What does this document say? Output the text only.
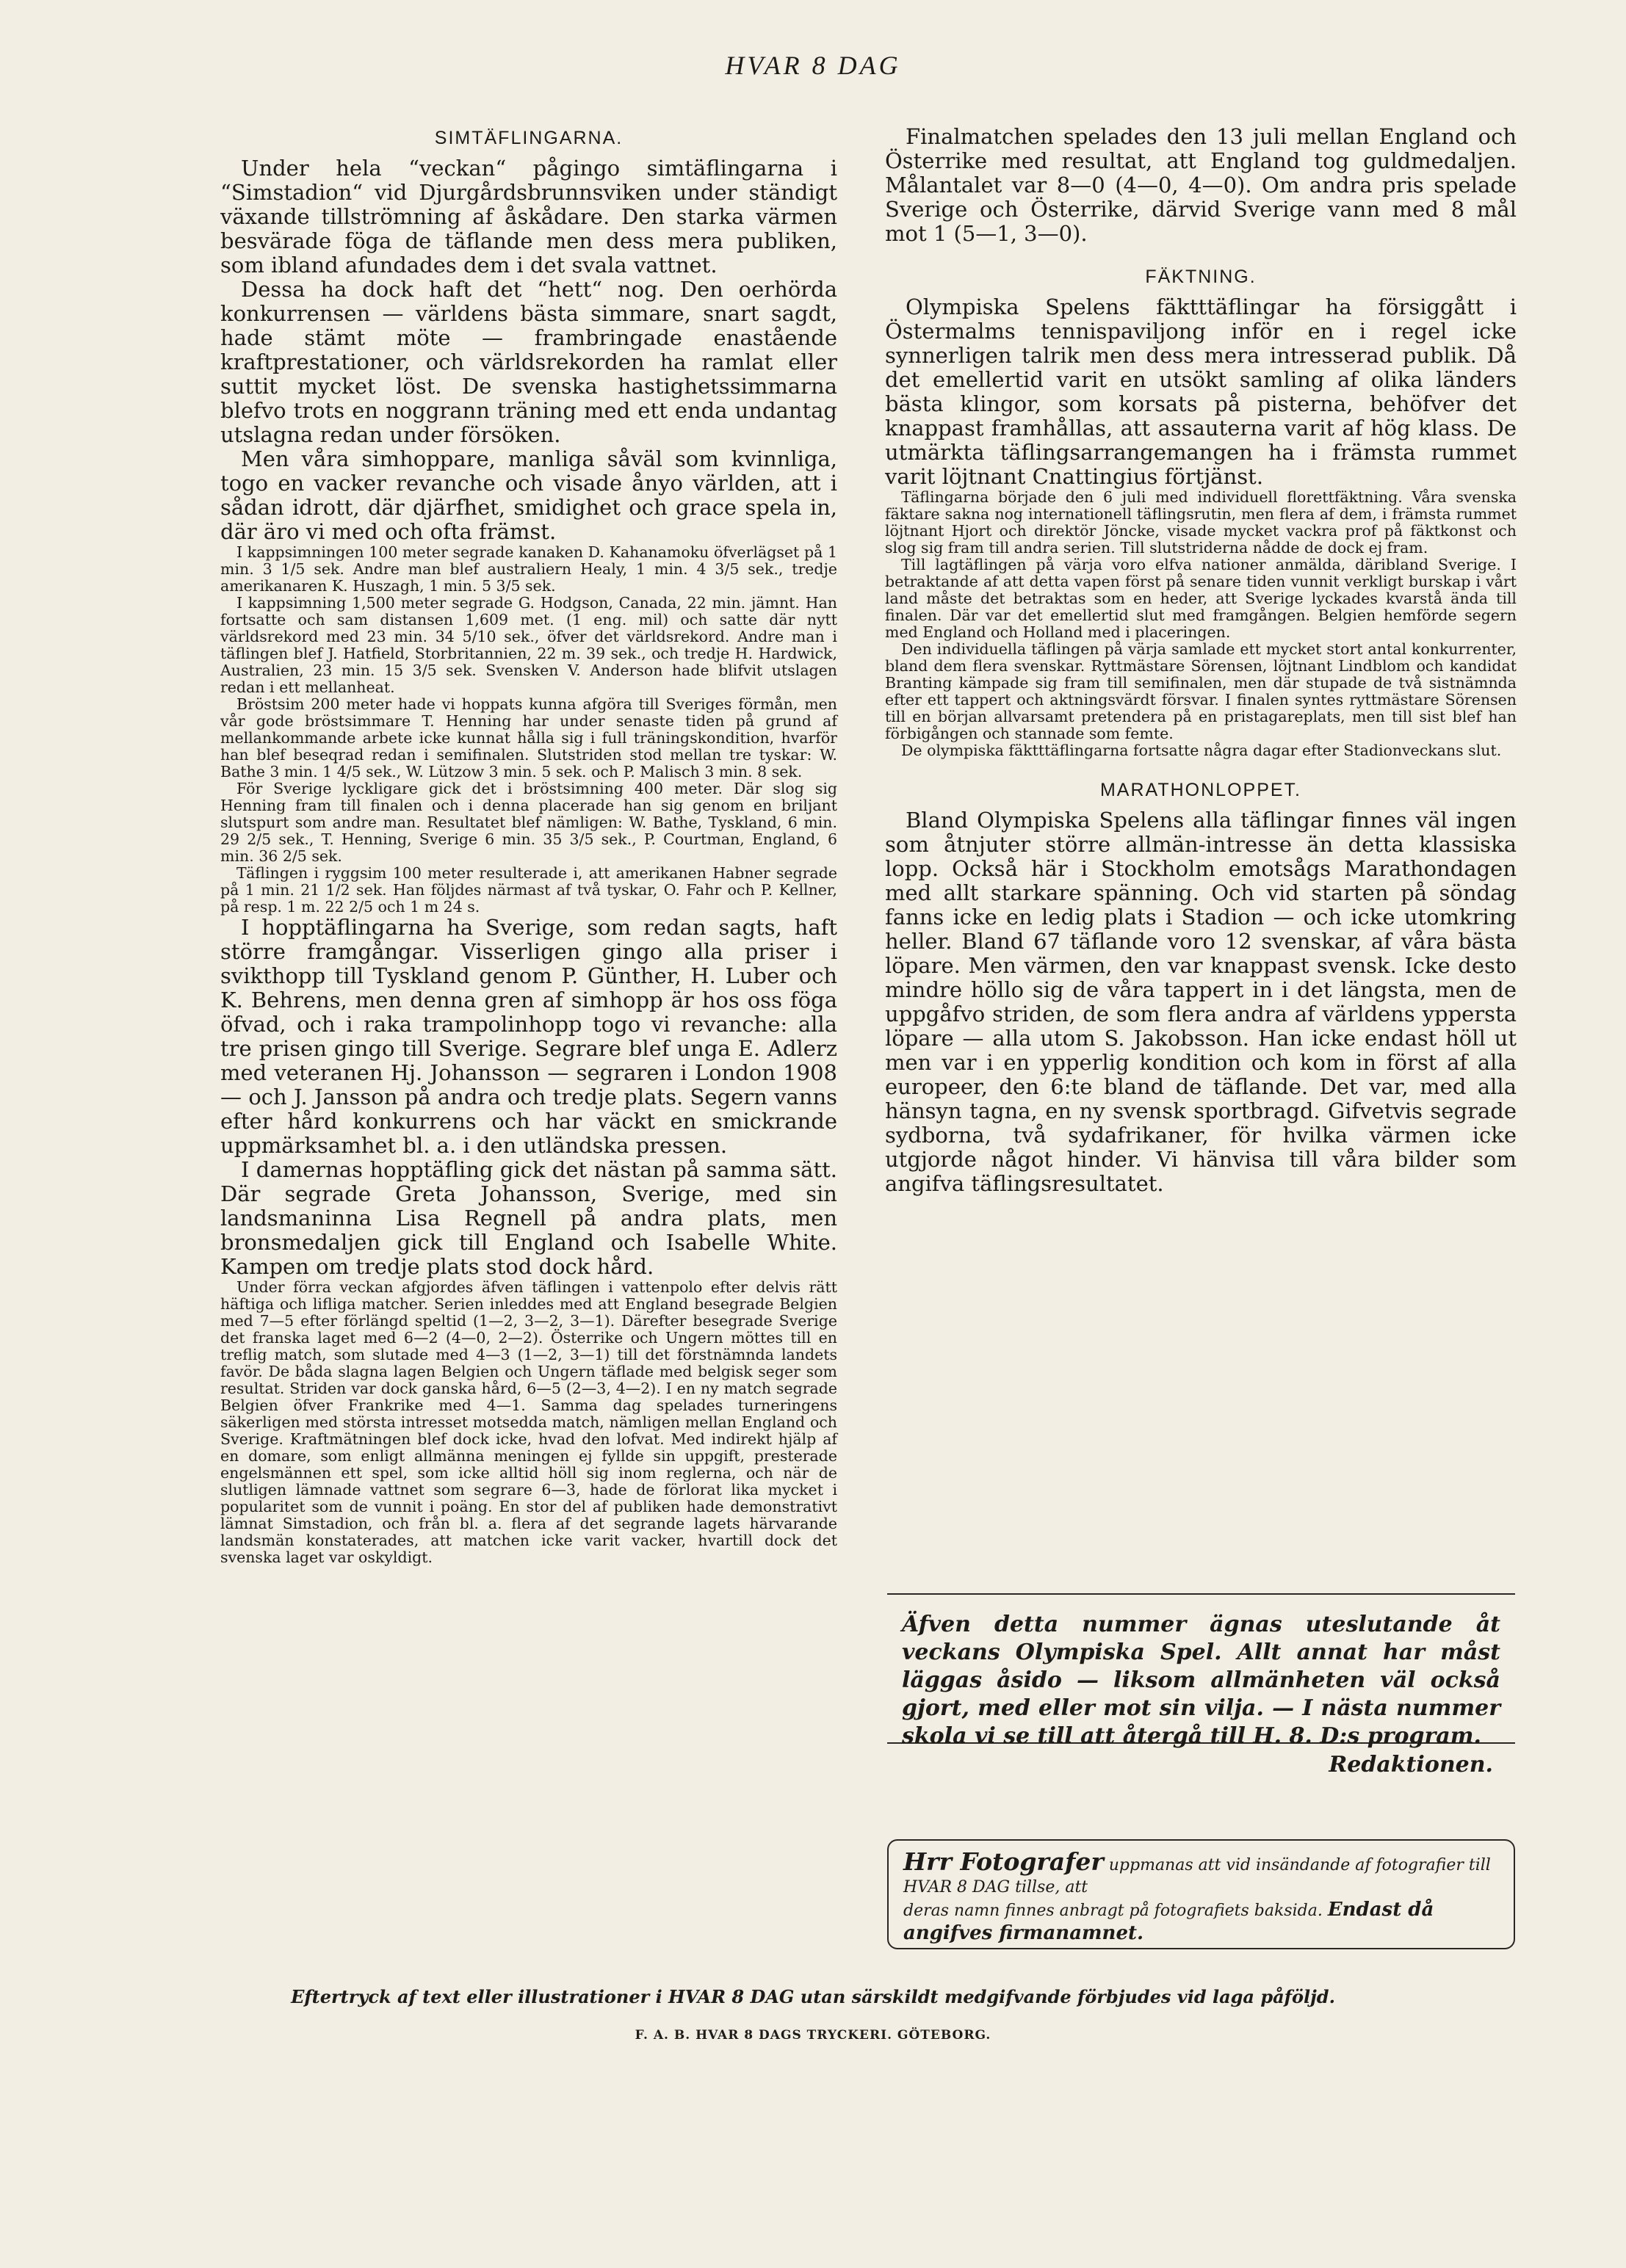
HVAR 8 DAG

SIMTÄFLINGARNA.

Under hela “veckan“ pågingo simtäflingarna i “Simstadion“ vid Djurgårdsbrunnsviken under ständigt växande tillströmning af åskådare. Den starka värmen besvärade föga de täflande men dess mera publiken, som ibland afundades dem i det svala vattnet.

Dessa ha dock haft det “hett“ nog. Den oerhörda konkurrensen — världens bästa simmare, snart sagdt, hade stämt möte — frambringade enastående kraftprestationer, och världsrekorden ha ramlat eller suttit mycket löst. De svenska hastighetssimmarna blefvo trots en noggrann träning med ett enda undantag utslagna redan under försöken.

Men våra simhoppare, manliga såväl som kvinnliga, togo en vacker revanche och visade ånyo världen, att i sådan idrott, där djärfhet, smidighet och grace spela in, där äro vi med och ofta främst.

I kappsimningen 100 meter segrade kanaken D. Kahanamoku öfverlägset på 1 min. 3 1/5 sek. Andre man blef australiern Healy, 1 min. 4 3/5 sek., tredje amerikanaren K. Huszagh, 1 min. 5 3/5 sek.

I kappsimning 1,500 meter segrade G. Hodgson, Canada, 22 min. jämnt. Han fortsatte och sam distansen 1,609 met. (1 eng. mil) och satte där nytt världsrekord med 23 min. 34 5/10 sek., öfver det världsrekord. Andre man i täflingen blef J. Hatfield, Storbritannien, 22 m. 39 sek., och tredje H. Hardwick, Australien, 23 min. 15 3/5 sek. Svensken V. Anderson hade blifvit utslagen redan i ett mellanheat.

Bröstsim 200 meter hade vi hoppats kunna afgöra till Sveriges förmån, men vår gode bröstsimmare T. Henning har under senaste tiden på grund af mellankommande arbete icke kunnat hålla sig i full träningskondition, hvarför han blef beseqrad redan i semifinalen. Slutstriden stod mellan tre tyskar: W. Bathe 3 min. 1 4/5 sek., W. Lützow 3 min. 5 sek. och P. Malisch 3 min. 8 sek.

För Sverige lyckligare gick det i bröstsimning 400 meter. Där slog sig Henning fram till finalen och i denna placerade han sig genom en briljant slutspurt som andre man. Resultatet blef nämligen: W. Bathe, Tyskland, 6 min. 29 2/5 sek., T. Henning, Sverige 6 min. 35 3/5 sek., P. Courtman, England, 6 min. 36 2/5 sek.

Täflingen i ryggsim 100 meter resulterade i, att amerikanen Habner segrade på 1 min. 21 1/2 sek. Han följdes närmast af två tyskar, O. Fahr och P. Kellner, på resp. 1 m. 22 2/5 och 1 m 24 s.

I hopptäflingarna ha Sverige, som redan sagts, haft större framgångar. Visserligen gingo alla priser i svikthopp till Tyskland genom P. Günther, H. Luber och K. Behrens, men denna gren af simhopp är hos oss föga öfvad, och i raka trampolinhopp togo vi revanche: alla tre prisen gingo till Sverige. Segrare blef unga E. Adlerz med veteranen Hj. Johansson — segraren i London 1908 — och J. Jansson på andra och tredje plats. Segern vanns efter hård konkurrens och har väckt en smickrande uppmärksamhet bl. a. i den utländska pressen.

I damernas hopptäfling gick det nästan på samma sätt. Där segrade Greta Johansson, Sverige, med sin landsmaninna Lisa Regnell på andra plats, men bronsmedaljen gick till England och Isabelle White. Kampen om tredje plats stod dock hård.

Under förra veckan afgjordes äfven täflingen i vattenpolo efter delvis rätt häftiga och lifliga matcher. Serien inleddes med att England besegrade Belgien med 7—5 efter förlängd speltid (1—2, 3—2, 3—1). Därefter besegrade Sverige det franska laget med 6—2 (4—0, 2—2). Österrike och Ungern möttes till en treflig match, som slutade med 4—3 (1—2, 3—1) till det förstnämnda landets favör. De båda slagna lagen Belgien och Ungern täflade med belgisk seger som resultat. Striden var dock ganska hård, 6—5 (2—3, 4—2). I en ny match segrade Belgien öfver Frankrike med 4—1. Samma dag spelades turneringens säkerligen med största intresset motsedda match, nämligen mellan England och Sverige. Kraftmätningen blef dock icke, hvad den lofvat. Med indirekt hjälp af en domare, som enligt allmänna meningen ej fyllde sin uppgift, presterade engelsmännen ett spel, som icke alltid höll sig inom reglerna, och när de slutligen lämnade vattnet som segrare 6—3, hade de förlorat lika mycket i popularitet som de vunnit i poäng. En stor del af publiken hade demonstrativt lämnat Simstadion, och från bl. a. flera af det segrande lagets härvarande landsmän konstaterades, att matchen icke varit vacker, hvartill dock det svenska laget var oskyldigt.

Finalmatchen spelades den 13 juli mellan England och Österrike med resultat, att England tog guldmedaljen. Målantalet var 8—0 (4—0, 4—0). Om andra pris spelade Sverige och Österrike, därvid Sverige vann med 8 mål mot 1 (5—1, 3—0).

FÄKTNING.

Olympiska Spelens fäktttäflingar ha försiggått i Östermalms tennispaviljong inför en i regel icke synnerligen talrik men dess mera intresserad publik. Då det emellertid varit en utsökt samling af olika länders bästa klingor, som korsats på pisterna, behöfver det knappast framhållas, att assauterna varit af hög klass. De utmärkta täflingsarrangemangen ha i främsta rummet varit löjtnant Cnattingius förtjänst.

Täflingarna började den 6 juli med individuell florettfäktning. Våra svenska fäktare sakna nog internationell täflingsrutin, men flera af dem, i främsta rummet löjtnant Hjort och direktör Jöncke, visade mycket vackra prof på fäktkonst och slog sig fram till andra serien. Till slutstriderna nådde de dock ej fram.

Till lagtäflingen på värja voro elfva nationer anmälda, däribland Sverige. I betraktande af att detta vapen först på senare tiden vunnit verkligt burskap i vårt land måste det betraktas som en heder, att Sverige lyckades kvarstå ända till finalen. Där var det emellertid slut med framgången. Belgien hemförde segern med England och Holland med i placeringen.

Den individuella täflingen på värja samlade ett mycket stort antal konkurrenter, bland dem flera svenskar. Ryttmästare Sörensen, löjtnant Lindblom och kandidat Branting kämpade sig fram till semifinalen, men där stupade de två sistnämnda efter ett tappert och aktningsvärdt försvar. I finalen syntes ryttmästare Sörensen till en början allvarsamt pretendera på en pristagareplats, men till sist blef han förbigången och stannade som femte.

De olympiska fäktttäflingarna fortsatte några dagar efter Stadionveckans slut.

MARATHONLOPPET.

Bland Olympiska Spelens alla täflingar finnes väl ingen som åtnjuter större allmän-intresse än detta klassiska lopp. Också här i Stockholm emotsågs Marathondagen med allt starkare spänning. Och vid starten på söndag fanns icke en ledig plats i Stadion — och icke utomkring heller. Bland 67 täflande voro 12 svenskar, af våra bästa löpare. Men värmen, den var knappast svensk. Icke desto mindre höllo sig de våra tappert in i det längsta, men de uppgåfvo striden, de som flera andra af världens yppersta löpare — alla utom S. Jakobsson. Han icke endast höll ut men var i en ypperlig kondition och kom in först af alla europeer, den 6:te bland de täflande. Det var, med alla hänsyn tagna, en ny svensk sportbragd. Gifvetvis segrade sydborna, två sydafrikaner, för hvilka värmen icke utgjorde något hinder. Vi hänvisa till våra bilder som angifva täflingsresultatet.

Äfven detta nummer ägnas uteslutande åt veckans Olympiska Spel. Allt annat har måst läggas åsido — liksom allmänheten väl också gjort, med eller mot sin vilja. — I nästa nummer skola vi se till att återgå till H. 8. D:s program.

Redaktionen.

Hrr Fotografer uppmanas att vid insändande af fotografier till HVAR 8 DAG tillse, att

deras namn finnes anbragt på fotografiets baksida. Endast då angifves firmanamnet.

Eftertryck af text eller illustrationer i HVAR 8 DAG utan särskildt medgifvande förbjudes vid laga påföljd.
F. A. B. HVAR 8 DAGS TRYCKERI. GÖTEBORG.
